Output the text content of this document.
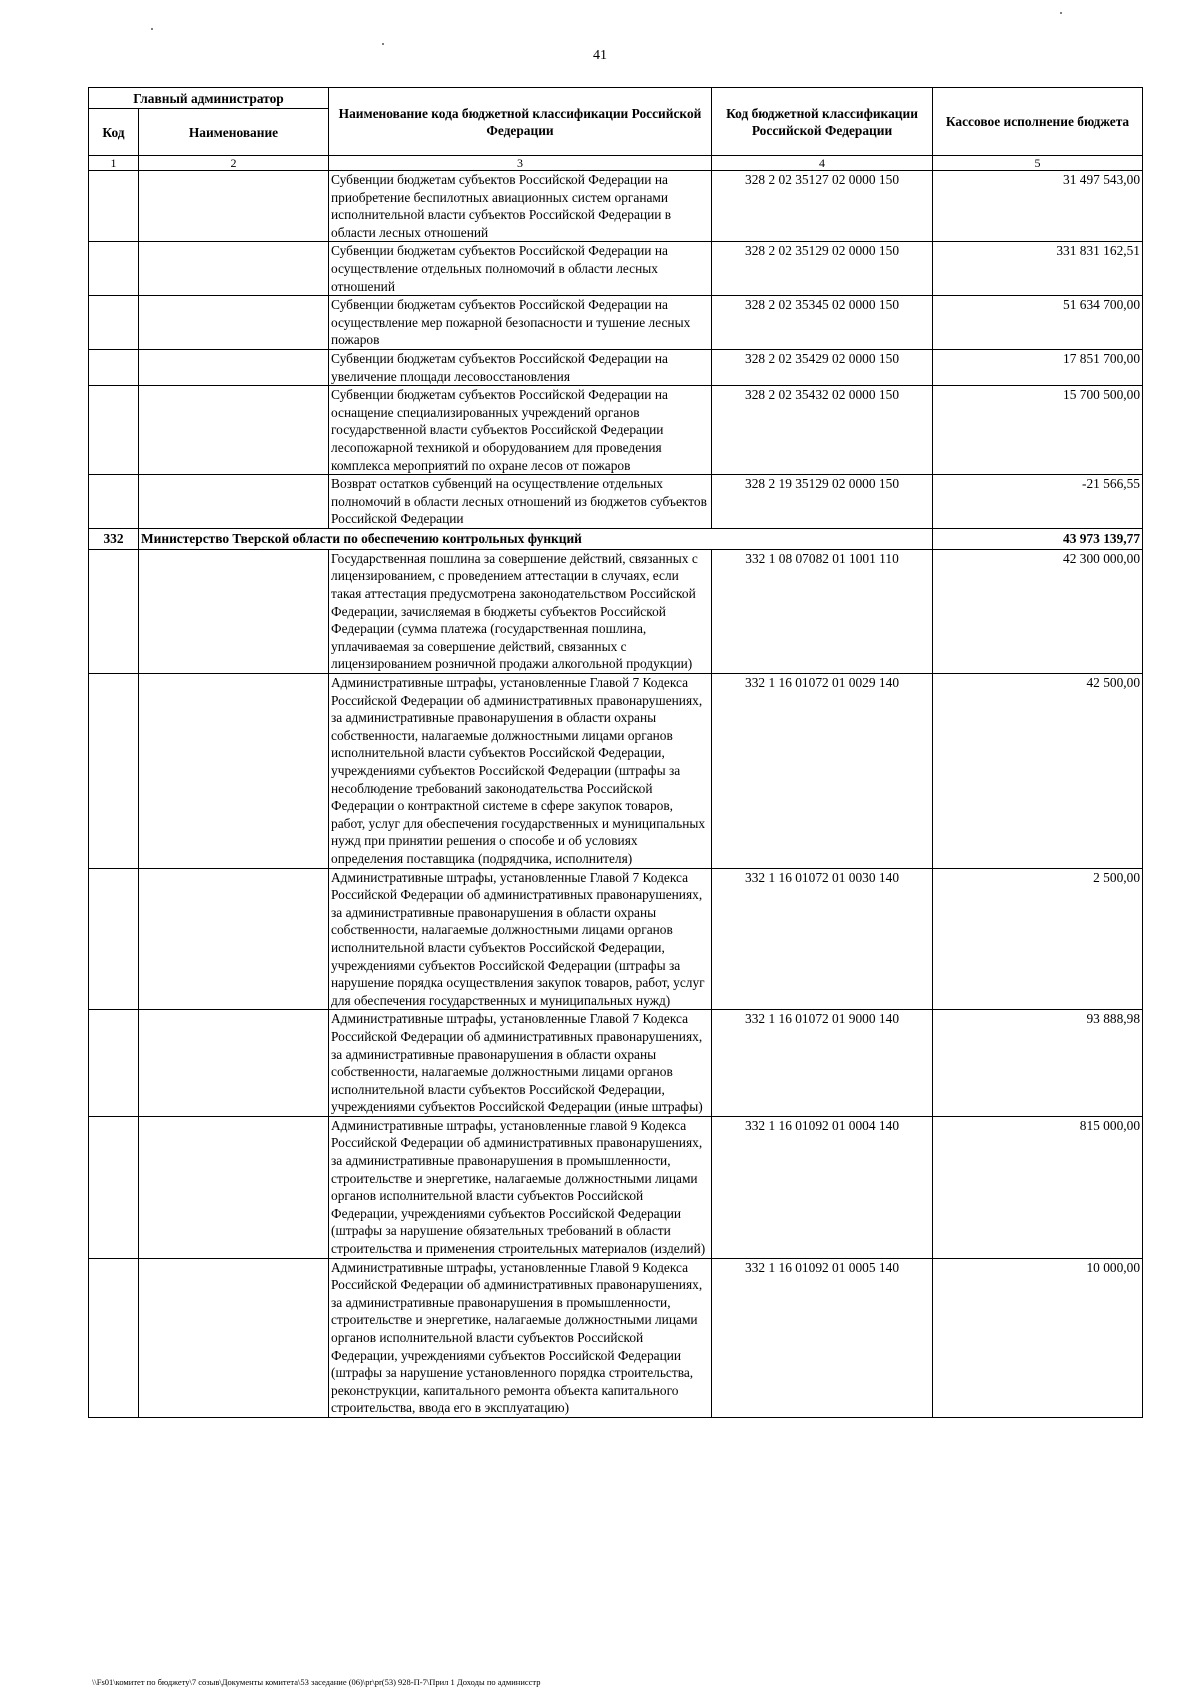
41
Главный администратор		Наименование кода бюджетной классификации Российской Федерации	Код бюджетной классификации Российской Федерации	Кассовое исполнение бюджета
Код	Наименование			
1	2	3	4	5
		Субвенции бюджетам субъектов Российской Федерации на приобретение беспилотных авиационных систем органами исполнительной власти субъектов Российской Федерации в области лесных отношений	328 2 02 35127 02 0000 150	31 497 543,00
		Субвенции бюджетам субъектов Российской Федерации на осуществление отдельных полномочий в области лесных отношений	328 2 02 35129 02 0000 150	331 831 162,51
		Субвенции бюджетам субъектов Российской Федерации на осуществление мер пожарной безопасности и тушение лесных пожаров	328 2 02 35345 02 0000 150	51 634 700,00
		Субвенции бюджетам субъектов Российской Федерации на увеличение площади лесовосстановления	328 2 02 35429 02 0000 150	17 851 700,00
		Субвенции бюджетам субъектов Российской Федерации на оснащение специализированных учреждений органов государственной власти субъектов Российской Федерации лесопожарной техникой и оборудованием для проведения комплекса мероприятий по охране лесов от пожаров	328 2 02 35432 02 0000 150	15 700 500,00
		Возврат остатков субвенций на осуществление отдельных полномочий в области лесных отношений из бюджетов субъектов Российской Федерации	328 2 19 35129 02 0000 150	-21 566,55
332	Министерство Тверской области по обеспечению контрольных функций			43 973 139,77
		Государственная пошлина за совершение действий, связанных с лицензированием, с проведением аттестации в случаях, если такая аттестация предусмотрена законодательством Российской Федерации, зачисляемая в бюджеты субъектов Российской Федерации (сумма платежа (государственная пошлина, уплачиваемая за совершение действий, связанных с лицензированием розничной продажи алкогольной продукции)	332 1 08 07082 01 1001 110	42 300 000,00
		Административные штрафы, установленные Главой 7 Кодекса Российской Федерации об административных правонарушениях, за административные правонарушения в области охраны собственности, налагаемые должностными лицами органов исполнительной власти субъектов Российской Федерации, учреждениями субъектов Российской Федерации (штрафы за несоблюдение требований законодательства Российской Федерации о контрактной системе в сфере закупок товаров, работ, услуг для обеспечения государственных и муниципальных нужд при принятии решения о способе и об условиях определения поставщика (подрядчика, исполнителя)	332 1 16 01072 01 0029 140	42 500,00
		Административные штрафы, установленные Главой 7 Кодекса Российской Федерации об административных правонарушениях, за административные правонарушения в области охраны собственности, налагаемые должностными лицами органов исполнительной власти субъектов Российской Федерации, учреждениями субъектов Российской Федерации (штрафы за нарушение порядка осуществления закупок товаров, работ, услуг для обеспечения государственных и муниципальных нужд)	332 1 16 01072 01 0030 140	2 500,00
		Административные штрафы, установленные Главой 7 Кодекса Российской Федерации об административных правонарушениях, за административные правонарушения в области охраны собственности, налагаемые должностными лицами органов исполнительной власти субъектов Российской Федерации, учреждениями субъектов Российской Федерации (иные штрафы)	332 1 16 01072 01 9000 140	93 888,98
		Административные штрафы, установленные главой 9 Кодекса Российской Федерации об административных правонарушениях, за административные правонарушения в промышленности, строительстве и энергетике, налагаемые должностными лицами органов исполнительной власти субъектов Российской Федерации, учреждениями субъектов Российской Федерации (штрафы за нарушение обязательных требований в области строительства и применения строительных материалов (изделий)	332 1 16 01092 01 0004 140	815 000,00
		Административные штрафы, установленные Главой 9 Кодекса Российской Федерации об административных правонарушениях, за административные правонарушения в промышленности, строительстве и энергетике, налагаемые должностными лицами органов исполнительной власти субъектов Российской Федерации, учреждениями субъектов Российской Федерации (штрафы за нарушение установленного порядка строительства, реконструкции, капитального ремонта объекта капитального строительства, ввода его в эксплуатацию)	332 1 16 01092 01 0005 140	10 000,00
\\Fs01\комитет по бюджету\7 созыв\Документы комитета\53 заседание (06)\pr\pr(53) 928-П-7\Прил 1 Доходы по админисстр
